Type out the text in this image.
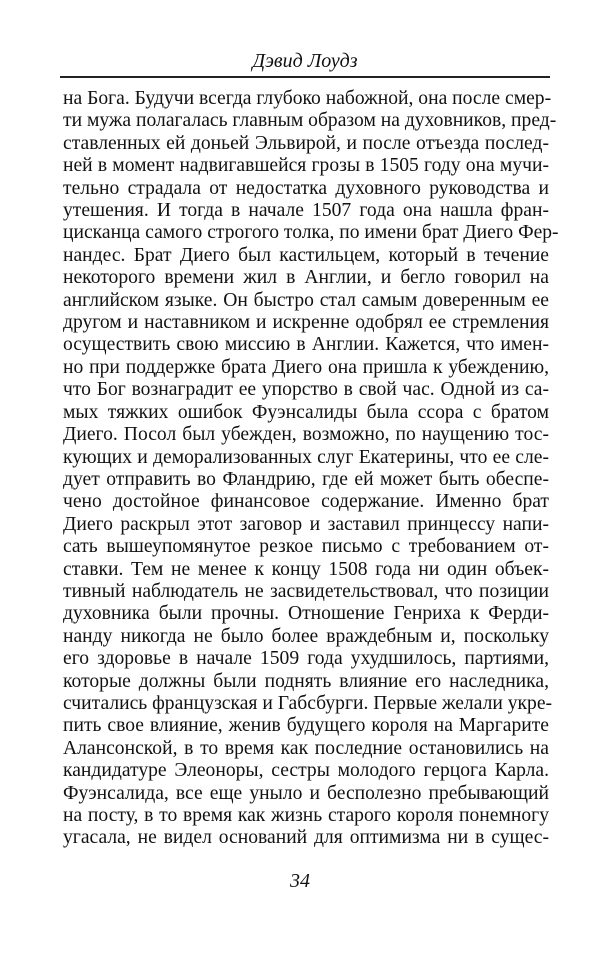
Дэвид Лоудз
на Бога. Будучи всегда глубоко набожной, она после смер-
ти мужа полагалась главным образом на духовников, пред-
ставленных ей доньей Эльвирой, и после отъезда послед-
ней в момент надвигавшейся грозы в 1505 году она мучи-
тельно страдала от недостатка духовного руководства и
утешения. И тогда в начале 1507 года она нашла фран-
цисканца самого строгого толка, по имени брат Диего Фер-
нандес. Брат Диего был кастильцем, который в течение
некоторого времени жил в Англии, и бегло говорил на
английском языке. Он быстро стал самым доверенным ее
другом и наставником и искренне одобрял ее стремления
осуществить свою миссию в Англии. Кажется, что имен-
но при поддержке брата Диего она пришла к убеждению,
что Бог вознаградит ее упорство в свой час. Одной из са-
мых тяжких ошибок Фуэнсалиды была ссора с братом
Диего. Посол был убежден, возможно, по наущению тос-
кующих и деморализованных слуг Екатерины, что ее сле-
дует отправить во Фландрию, где ей может быть обеспе-
чено достойное финансовое содержание. Именно брат
Диего раскрыл этот заговор и заставил принцессу напи-
сать вышеупомянутое резкое письмо с требованием от-
ставки. Тем не менее к концу 1508 года ни один объек-
тивный наблюдатель не засвидетельствовал, что позиции
духовника были прочны. Отношение Генриха к Ферди-
нанду никогда не было более враждебным и, поскольку
его здоровье в начале 1509 года ухудшилось, партиями,
которые должны были поднять влияние его наследника,
считались французская и Габсбурги. Первые желали укре-
пить свое влияние, женив будущего короля на Маргарите
Алансонской, в то время как последние остановились на
кандидатуре Элеоноры, сестры молодого герцога Карла.
Фуэнсалида, все еще уныло и бесполезно пребывающий
на посту, в то время как жизнь старого короля понемногу
угасала, не видел оснований для оптимизма ни в сущес-
34
